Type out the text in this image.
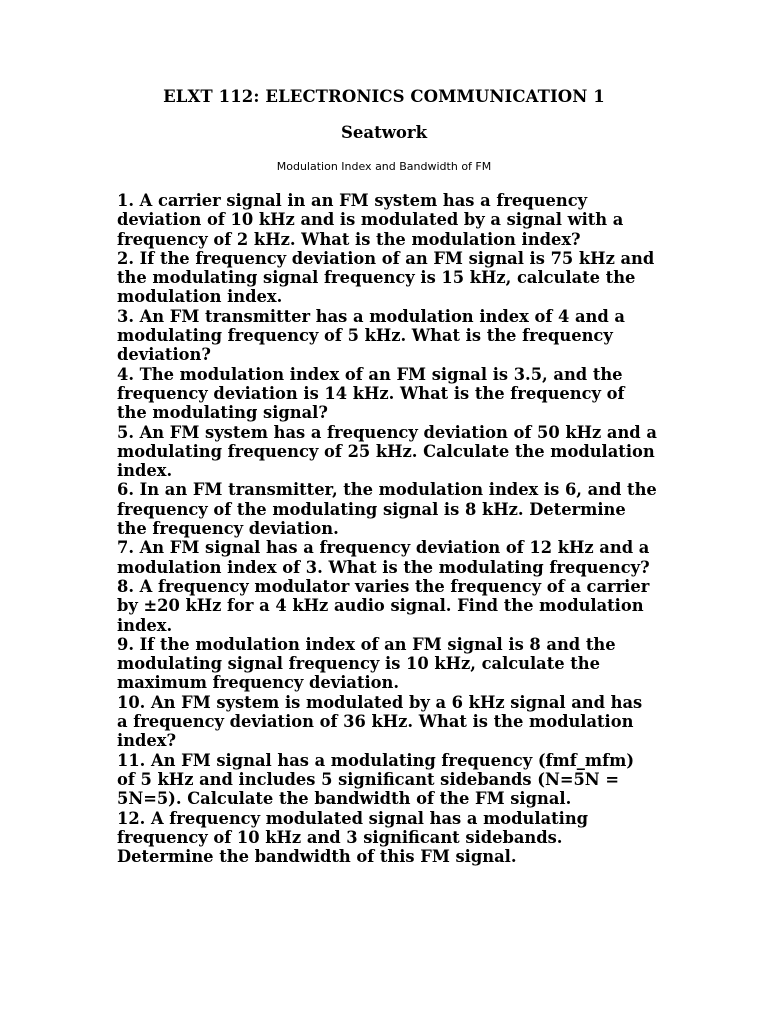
ELXT 112: ELECTRONICS COMMUNICATION 1
Seatwork
Modulation Index and Bandwidth of FM
1. A carrier signal in an FM system has a frequency deviation of 10 kHz and is modulated by a signal with a frequency of 2 kHz. What is the modulation index?
2. If the frequency deviation of an FM signal is 75 kHz and the modulating signal frequency is 15 kHz, calculate the modulation index.
3. An FM transmitter has a modulation index of 4 and a modulating frequency of 5 kHz. What is the frequency deviation?
4. The modulation index of an FM signal is 3.5, and the frequency deviation is 14 kHz. What is the frequency of the modulating signal?
5. An FM system has a frequency deviation of 50 kHz and a modulating frequency of 25 kHz. Calculate the modulation index.
6. In an FM transmitter, the modulation index is 6, and the frequency of the modulating signal is 8 kHz. Determine the frequency deviation.
7. An FM signal has a frequency deviation of 12 kHz and a modulation index of 3. What is the modulating frequency?
8. A frequency modulator varies the frequency of a carrier by ±20 kHz for a 4 kHz audio signal. Find the modulation index.
9. If the modulation index of an FM signal is 8 and the modulating signal frequency is 10 kHz, calculate the maximum frequency deviation.
10. An FM system is modulated by a 6 kHz signal and has a frequency deviation of 36 kHz. What is the modulation index?
11. An FM signal has a modulating frequency (fmf_mfm) of 5 kHz and includes 5 significant sidebands (N=5N = 5N=5). Calculate the bandwidth of the FM signal.
12. A frequency modulated signal has a modulating frequency of 10 kHz and 3 significant sidebands. Determine the bandwidth of this FM signal.
